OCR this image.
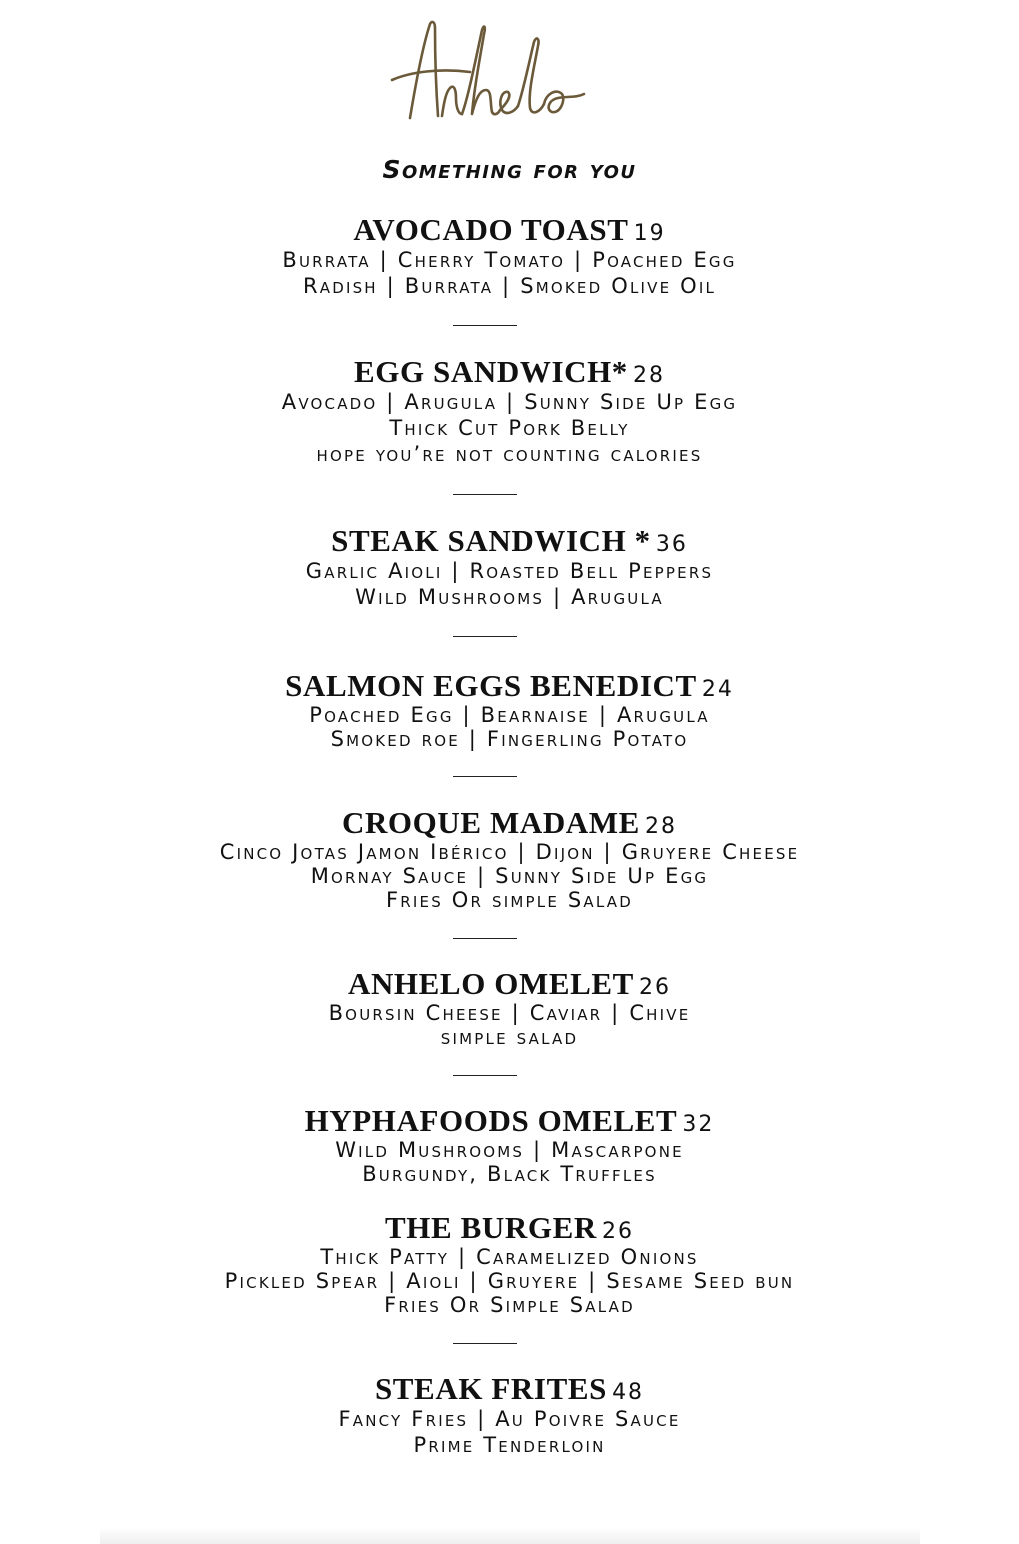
Something for you
AVOCADO TOAST 19
Burrata | Cherry Tomato | Poached Egg
Radish | Burrata | Smoked Olive Oil
EGG SANDWICH* 28
Avocado | Arugula | Sunny Side Up Egg
Thick Cut Pork Belly
hope you’re not counting calories
STEAK SANDWICH * 36
Garlic Aioli | Roasted Bell Peppers
Wild Mushrooms | Arugula
SALMON EGGS BENEDICT 24
Poached Egg | Bearnaise | Arugula
Smoked roe | Fingerling Potato
CROQUE MADAME 28
Cinco Jotas Jamon Ibérico | Dijon | Gruyere Cheese
Mornay Sauce | Sunny Side Up Egg
Fries Or simple Salad
ANHELO OMELET 26
Boursin Cheese | Caviar | Chive
simple salad
HYPHAFOODS OMELET 32
Wild Mushrooms | Mascarpone
Burgundy, Black Truffles
THE BURGER 26
Thick Patty | Caramelized Onions
Pickled Spear | Aioli | Gruyere | Sesame Seed bun
Fries Or Simple Salad
STEAK FRITES 48
Fancy Fries | Au Poivre Sauce
Prime Tenderloin
